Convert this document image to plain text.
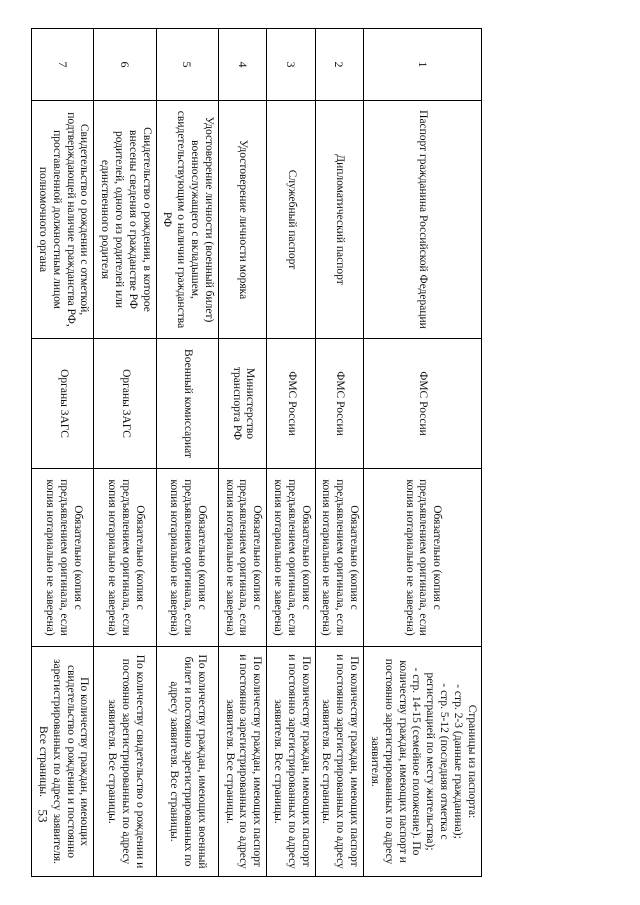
1	Паспорт гражданина Российской Федерации	ФМС России	Обязательно (копия с предъявлением оригинала, если копия нотариально не заверена)	Страницы из паспорта:
- стр. 2-3 (данные гражданина);
- стр. 5-12 (последняя отметка с регистрацией по месту жительства);
- стр. 14-15 (семейное положение). По количеству граждан, имеющих паспорт и постоянно зарегистрированных по адресу заявителя.

2	Дипломатический паспорт	ФМС России	Обязательно (копия с предъявлением оригинала, если копия нотариально не заверена)	По количеству граждан, имеющих паспорт и постоянно зарегистрированных по адресу заявителя. Все страницы.

3	Служебный паспорт	ФМС России	Обязательно (копия с предъявлением оригинала, если копия нотариально не заверена)	По количеству граждан, имеющих паспорт и постоянно зарегистрированных по адресу заявителя. Все страницы.

4	Удостоверение личности моряка	Министерство транспорта РФ	Обязательно (копия с предъявлением оригинала, если копия нотариально не заверена)	По количеству граждан, имеющих паспорт и постоянно зарегистрированных по адресу заявителя. Все страницы.

5	Удостоверение личности (военный билет) военнослужащего с вкладышем, свидетельствующим о наличии гражданства РФ	Военный комиссариат	Обязательно (копия с предъявлением оригинала, если копия нотариально не заверена)	По количеству граждан, имеющих военный билет и постоянно зарегистрированных по адресу заявителя. Все страницы.

6	Свидетельство о рождении, в которое внесены сведения о гражданстве РФ родителей, одного из родителей или единственного родителя	Органы ЗАГС	Обязательно (копия с предъявлением оригинала, если копия нотариально не заверена)	По количеству свидетельство о рождении и постоянно зарегистрированных по адресу заявителя. Все страницы.

7	Свидетельство о рождении с отметкой, подтверждающей наличие гражданства РФ, проставленной должностным лицом полномочного органа	Органы ЗАГС	Обязательно (копия с предъявлением оригинала, если копия нотариально не заверена)	По количеству граждан, имеющих свидетельство о рождении и постоянно зарегистрированных по адресу заявителя. Все страницы.
53
